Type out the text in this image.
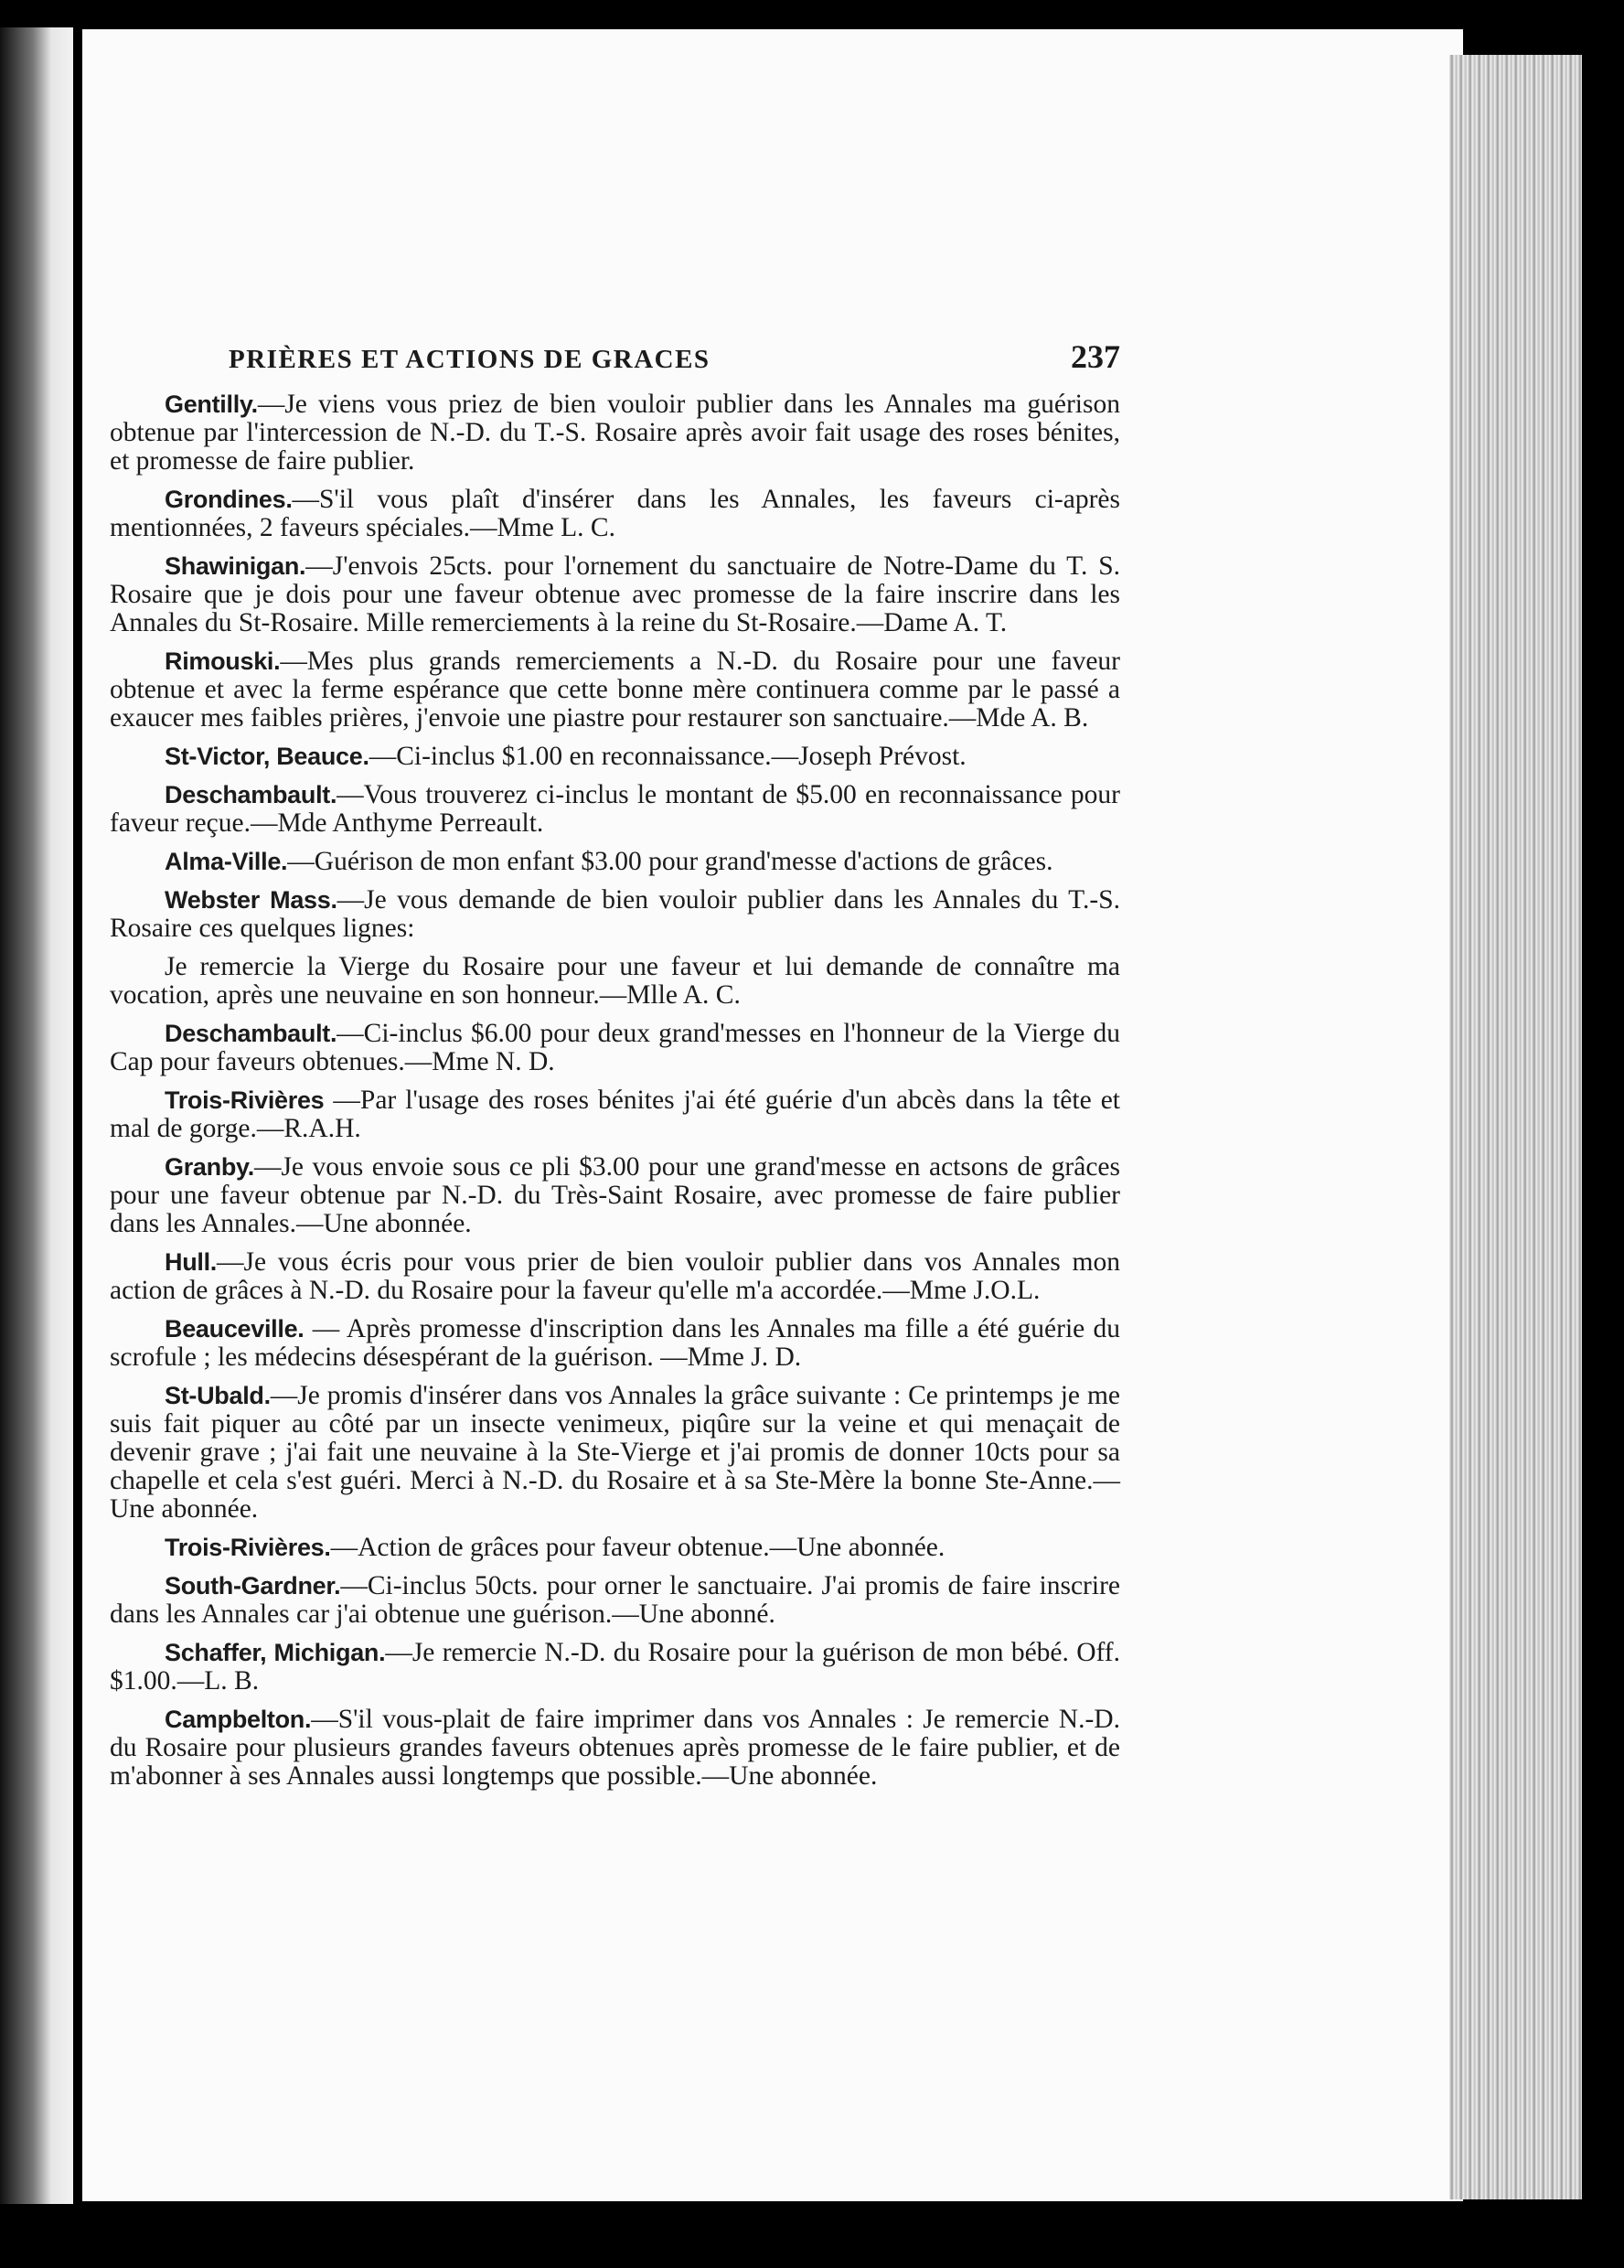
PRIÈRES ET ACTIONS DE GRACES	237

Gentilly.—Je viens vous priez de bien vouloir publier dans les Annales ma guérison obtenue par l'intercession de N.-D. du T.-S. Rosaire après avoir fait usage des roses bénites, et promesse de faire publier.

Grondines.—S'il vous plaît d'insérer dans les Annales, les faveurs ci-après mentionnées, 2 faveurs spéciales.—Mme L. C.

Shawinigan.—J'envois 25cts. pour l'ornement du sanctuaire de Notre-Dame du T. S. Rosaire que je dois pour une faveur obtenue avec promesse de la faire inscrire dans les Annales du St-Rosaire. Mille remerciements à la reine du St-Rosaire.—Dame A. T.

Rimouski.—Mes plus grands remerciements a N.-D. du Rosaire pour une faveur obtenue et avec la ferme espérance que cette bonne mère continuera comme par le passé a exaucer mes faibles prières, j'envoie une piastre pour restaurer son sanctuaire.—Mde A. B.

St-Victor, Beauce.—Ci-inclus $1.00 en reconnaissance.—Joseph Prévost.

Deschambault.—Vous trouverez ci-inclus le montant de $5.00 en reconnaissance pour faveur reçue.—Mde Anthyme Perreault.

Alma-Ville.—Guérison de mon enfant $3.00 pour grand'messe d'actions de grâces.

Webster Mass.—Je vous demande de bien vouloir publier dans les Annales du T.-S. Rosaire ces quelques lignes:

Je remercie la Vierge du Rosaire pour une faveur et lui demande de connaître ma vocation, après une neuvaine en son honneur.—Mlle A. C.

Deschambault.—Ci-inclus $6.00 pour deux grand'messes en l'honneur de la Vierge du Cap pour faveurs obtenues.—Mme N. D.

Trois-Rivières —Par l'usage des roses bénites j'ai été guérie d'un abcès dans la tête et mal de gorge.—R.A.H.

Granby.—Je vous envoie sous ce pli $3.00 pour une grand'messe en actsons de grâces pour une faveur obtenue par N.-D. du Très-Saint Rosaire, avec promesse de faire publier dans les Annales.—Une abonnée.

Hull.—Je vous écris pour vous prier de bien vouloir publier dans vos Annales mon action de grâces à N.-D. du Rosaire pour la faveur qu'elle m'a accordée.—Mme J.O.L.

Beauceville. — Après promesse d'inscription dans les Annales ma fille a été guérie du scrofule ; les médecins désespérant de la guérison. —Mme J. D.

St-Ubald.—Je promis d'insérer dans vos Annales la grâce suivante : Ce printemps je me suis fait piquer au côté par un insecte venimeux, piqûre sur la veine et qui menaçait de devenir grave ; j'ai fait une neuvaine à la Ste-Vierge et j'ai promis de donner 10cts pour sa chapelle et cela s'est guéri. Merci à N.-D. du Rosaire et à sa Ste-Mère la bonne Ste-Anne.—Une abonnée.

Trois-Rivières.—Action de grâces pour faveur obtenue.—Une abonnée.

South-Gardner.—Ci-inclus 50cts. pour orner le sanctuaire. J'ai promis de faire inscrire dans les Annales car j'ai obtenue une guérison.—Une abonné.

Schaffer, Michigan.—Je remercie N.-D. du Rosaire pour la guérison de mon bébé. Off. $1.00.—L. B.

Campbelton.—S'il vous-plait de faire imprimer dans vos Annales : Je remercie N.-D. du Rosaire pour plusieurs grandes faveurs obtenues après promesse de le faire publier, et de m'abonner à ses Annales aussi longtemps que possible.—Une abonnée.
